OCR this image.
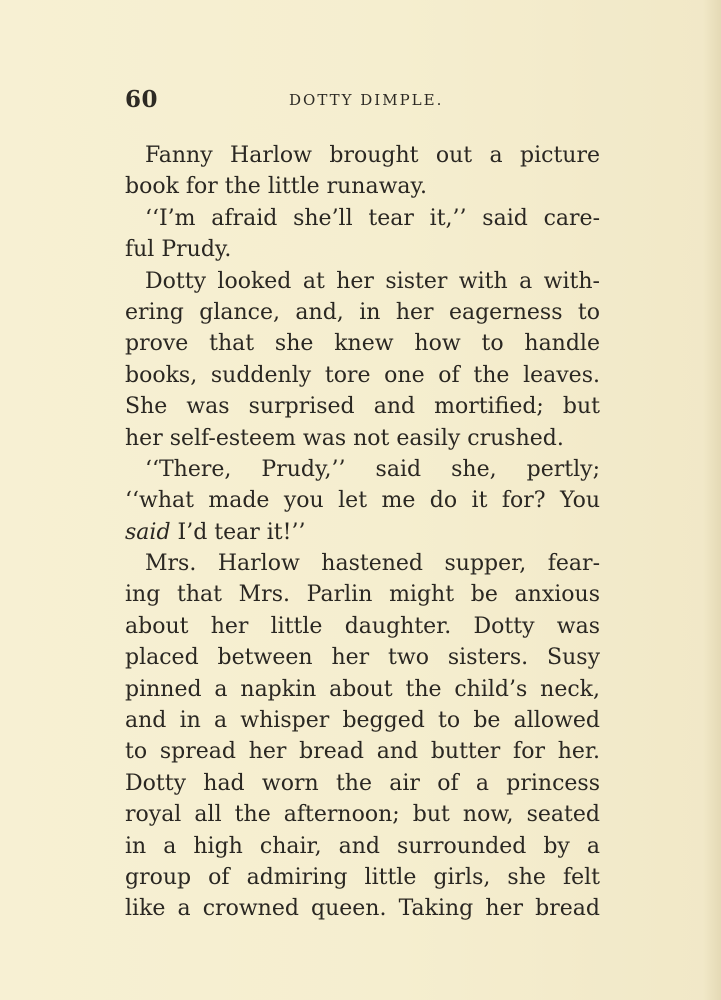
60	DOTTY DIMPLE.
Fanny Harlow brought out a picture
book for the little runaway.
‘‘I’m afraid she’ll tear it,’’ said care-
ful Prudy.
Dotty looked at her sister with a with-
ering glance, and, in her eagerness to
prove that she knew how to handle
books, suddenly tore one of the leaves.
She was surprised and mortified; but
her self-esteem was not easily crushed.
‘‘There, Prudy,’’ said she, pertly;
‘‘what made you let me do it for? You
said I’d tear it!’’
Mrs. Harlow hastened supper, fear-
ing that Mrs. Parlin might be anxious
about her little daughter. Dotty was
placed between her two sisters. Susy
pinned a napkin about the child’s neck,
and in a whisper begged to be allowed
to spread her bread and butter for her.
Dotty had worn the air of a princess
royal all the afternoon; but now, seated
in a high chair, and surrounded by a
group of admiring little girls, she felt
like a crowned queen. Taking her bread
